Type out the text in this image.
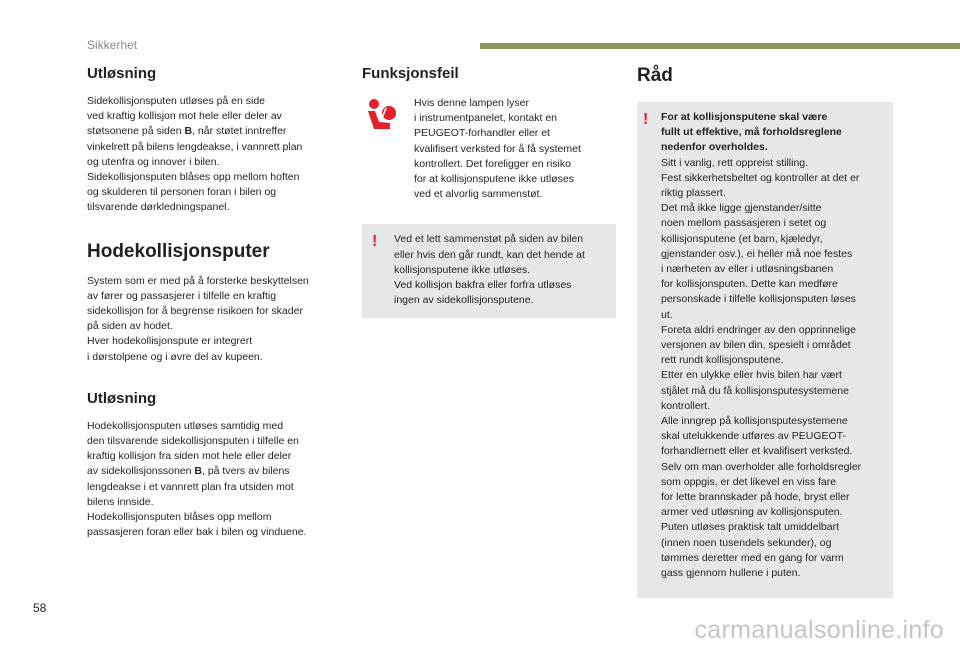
Sikkerhet
Utløsning

Sidekollisjonsputen utløses på en side
ved kraftig kollisjon mot hele eller deler av
støtsonene på siden B, når støtet inntreffer
vinkelrett på bilens lengdeakse, i vannrett plan
og utenfra og innover i bilen.
Sidekollisjonsputen blåses opp mellom hoften
og skulderen til personen foran i bilen og
tilsvarende dørkledningspanel.

Hodekollisjonsputer

System som er med på å forsterke beskyttelsen
av fører og passasjerer i tilfelle en kraftig
sidekollisjon for å begrense risikoen for skader
på siden av hodet.
Hver hodekollisjonspute er integrert
i dørstolpene og i øvre del av kupeen.

Utløsning

Hodekollisjonsputen utløses samtidig med
den tilsvarende sidekollisjonsputen i tilfelle en
kraftig kollisjon fra siden mot hele eller deler
av sidekollisjonssonen B, på tvers av bilens
lengdeakse i et vannrett plan fra utsiden mot
bilens innside.
Hodekollisjonsputen blåses opp mellom
passasjeren foran eller bak i bilen og vinduene.

Funksjonsfeil

Hvis denne lampen lyser
i instrumentpanelet, kontakt en
PEUGEOT-forhandler eller et
kvalifisert verksted for å få systemet
kontrollert. Det foreligger en risiko
for at kollisjonsputene ikke utløses
ved et alvorlig sammenstøt.

!	Ved et lett sammenstøt på siden av bilen
eller hvis den går rundt, kan det hende at
kollisjonsputene ikke utløses.
Ved kollisjon bakfra eller forfra utløses
ingen av sidekollisjonsputene.

Råd
!	For at kollisjonsputene skal være
fullt ut effektive, må forholdsreglene
nedenfor overholdes.

Sitt i vanlig, rett oppreist stilling.
Fest sikkerhetsbeltet og kontroller at det er
riktig plassert.
Det må ikke ligge gjenstander/sitte
noen mellom passasjeren i setet og
kollisjonsputene (et barn, kjæledyr,
gjenstander osv.), ei heller må noe festes
i nærheten av eller i utløsningsbanen
for kollisjonsputen. Dette kan medføre
personskade i tilfelle kollisjonsputen løses
ut.
Foreta aldri endringer av den opprinnelige
versjonen av bilen din, spesielt i området
rett rundt kollisjonsputene.
Etter en ulykke eller hvis bilen har vært
stjålet må du få kollisjonsputesystemene
kontrollert.
Alle inngrep på kollisjonsputesystemene
skal utelukkende utføres av PEUGEOT-
forhandlernett eller et kvalifisert verksted.
Selv om man overholder alle forholdsregler
som oppgis, er det likevel en viss fare
for lette brannskader på hode, bryst eller
armer ved utløsning av kollisjonsputen.
Puten utløses praktisk talt umiddelbart
(innen noen tusendels sekunder), og
tømmes deretter med en gang for varm
gass gjennom hullene i puten.

58
carmanualsonline.info
